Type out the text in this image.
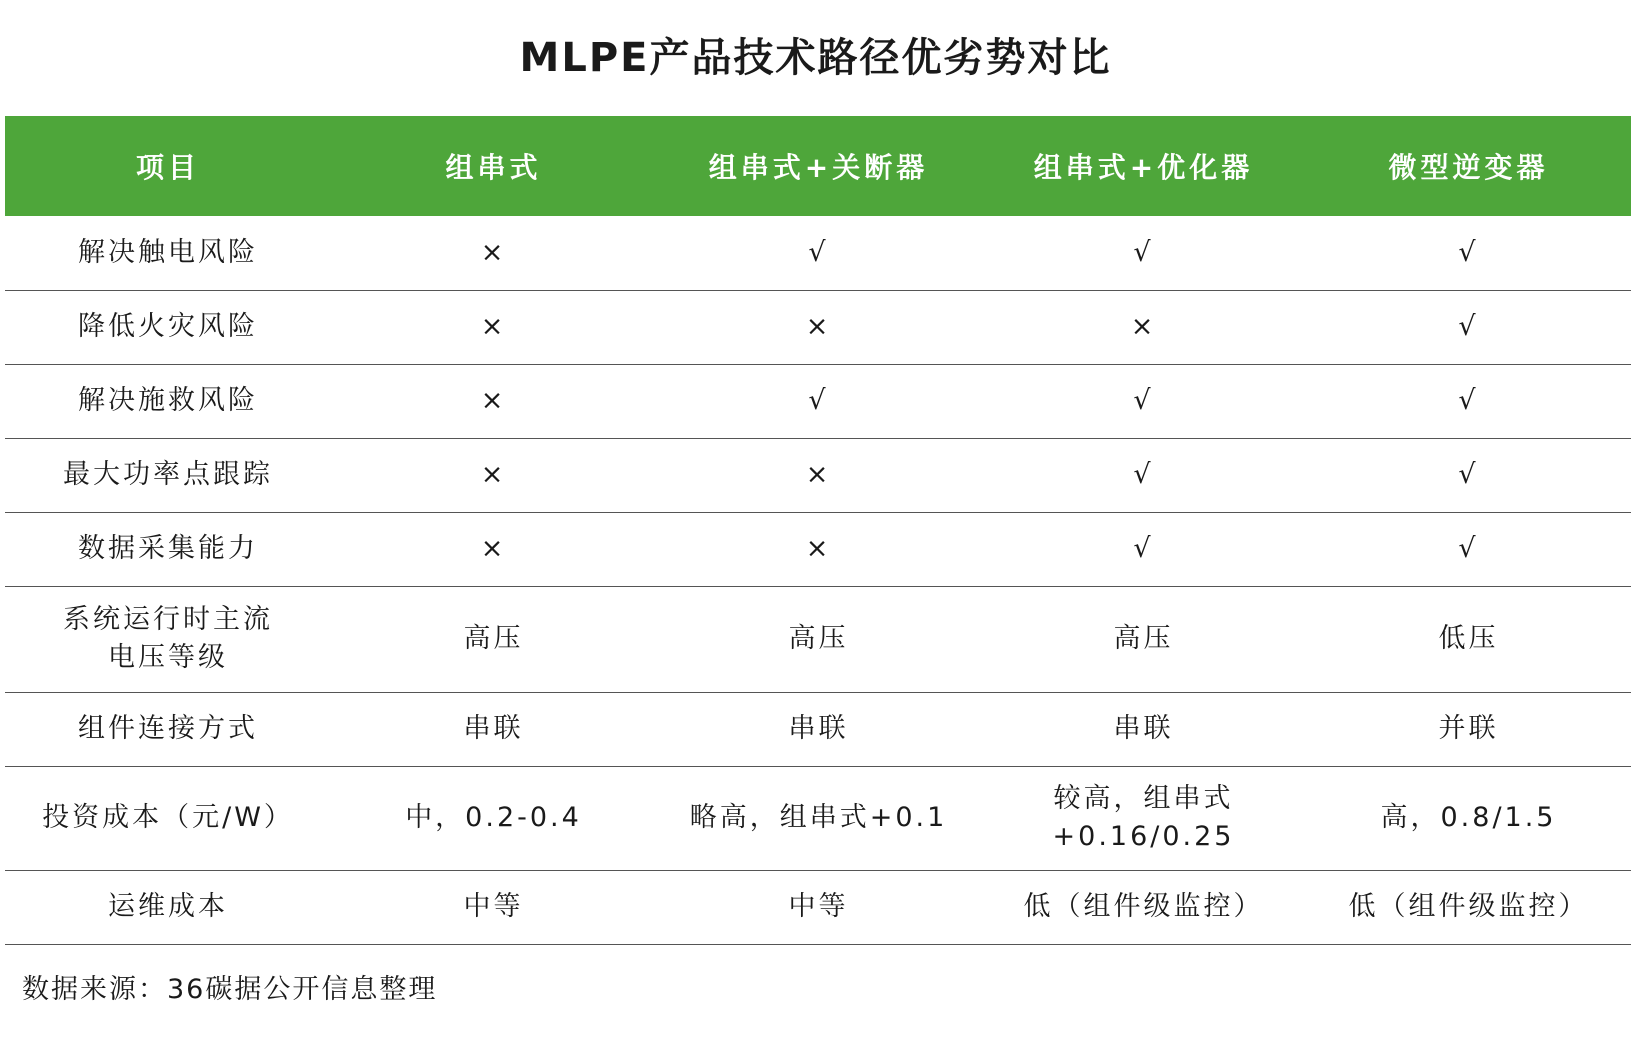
MLPE产品技术路径优劣势对比
项目	组串式	组串式+关断器	组串式+优化器	微型逆变器
解决触电风险	×	√	√	√
降低火灾风险	×	×	×	√
解决施救风险	×	√	√	√
最大功率点跟踪	×	×	√	√
数据采集能力	×	×	√	√
系统运行时主流
电压等级	高压	高压	高压	低压
组件连接方式	串联	串联	串联	并联
投资成本（元/W）	中，0.2-0.4	略高，组串式+0.1	较高，组串式
+0.16/0.25	高，0.8/1.5
运维成本	中等	中等	低（组件级监控）	低（组件级监控）
数据来源：36碳据公开信息整理
